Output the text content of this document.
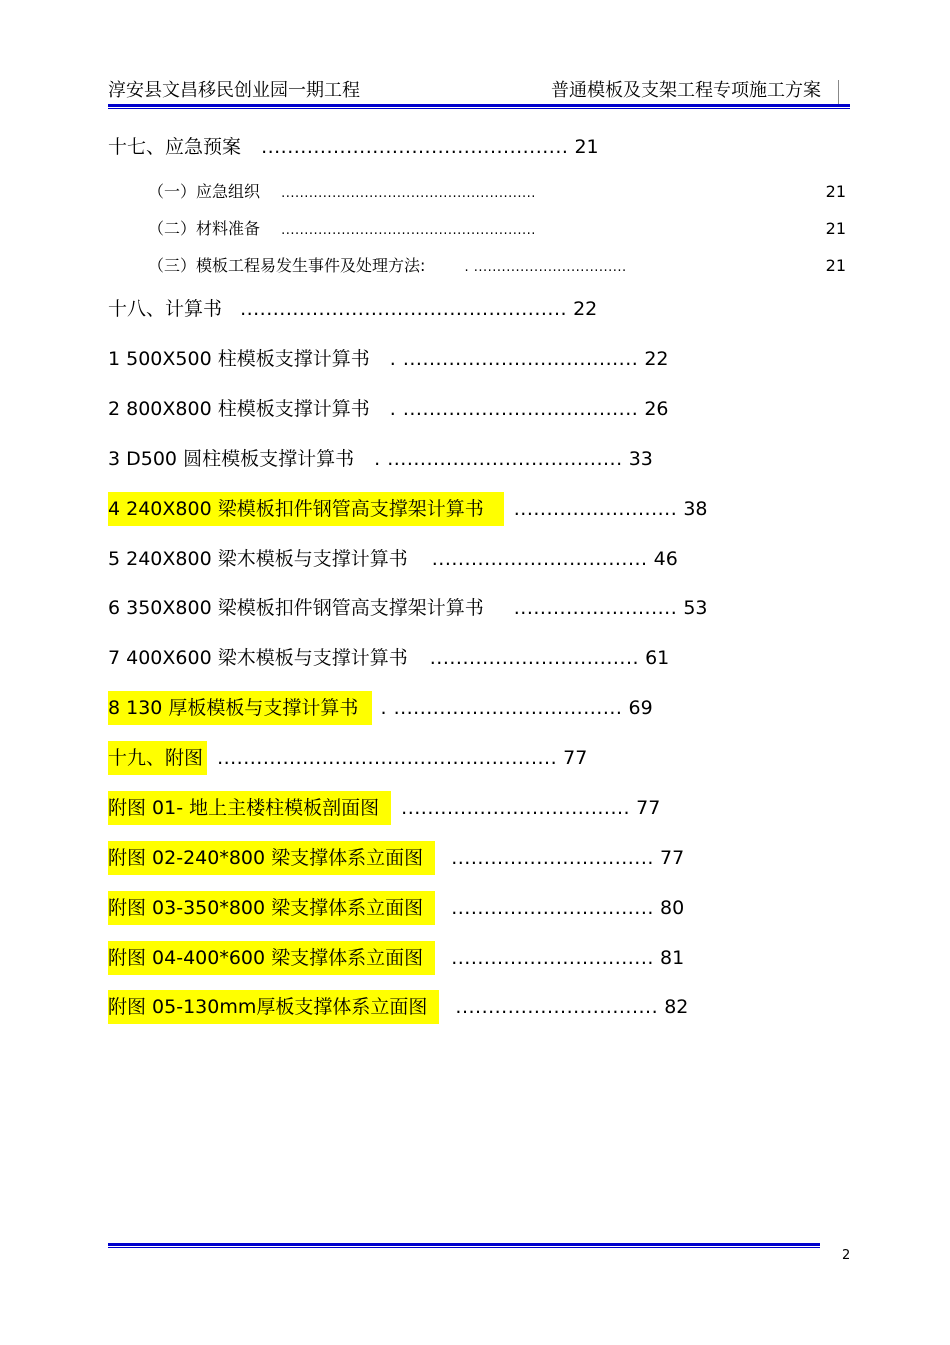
淳安县文昌移民创业园一期工程	普通模板及支架工程专项施工方案
十七、应急预案 ............................................... 21
（一）应急组织 .......................................................	21
（二）材料准备 .......................................................	21
（三）模板工程易发生事件及处理方法:	. .................................	21
十八、计算书 .................................................. 22
1 500X500 柱模板支撑计算书 . .................................... 22
2 800X800 柱模板支撑计算书 . .................................... 26
3 D500 圆柱模板支撑计算书 . .................................... 33
4 240X800 梁模板扣件钢管高支撑架计算书 ......................... 38
5 240X800 梁木模板与支撑计算书 ................................. 46
6 350X800 梁模板扣件钢管高支撑架计算书 ......................... 53
7 400X600 梁木模板与支撑计算书 ................................ 61
8 130 厚板模板与支撑计算书 . ................................... 69
十九、附图 .................................................... 77
附图 01- 地上主楼柱模板剖面图 ................................... 77
附图 02-240*800 梁支撑体系立面图 ............................... 77
附图 03-350*800 梁支撑体系立面图 ............................... 80
附图 04-400*600 梁支撑体系立面图 ............................... 81
附图 05-130mm厚板支撑体系立面图 ............................... 82
2
